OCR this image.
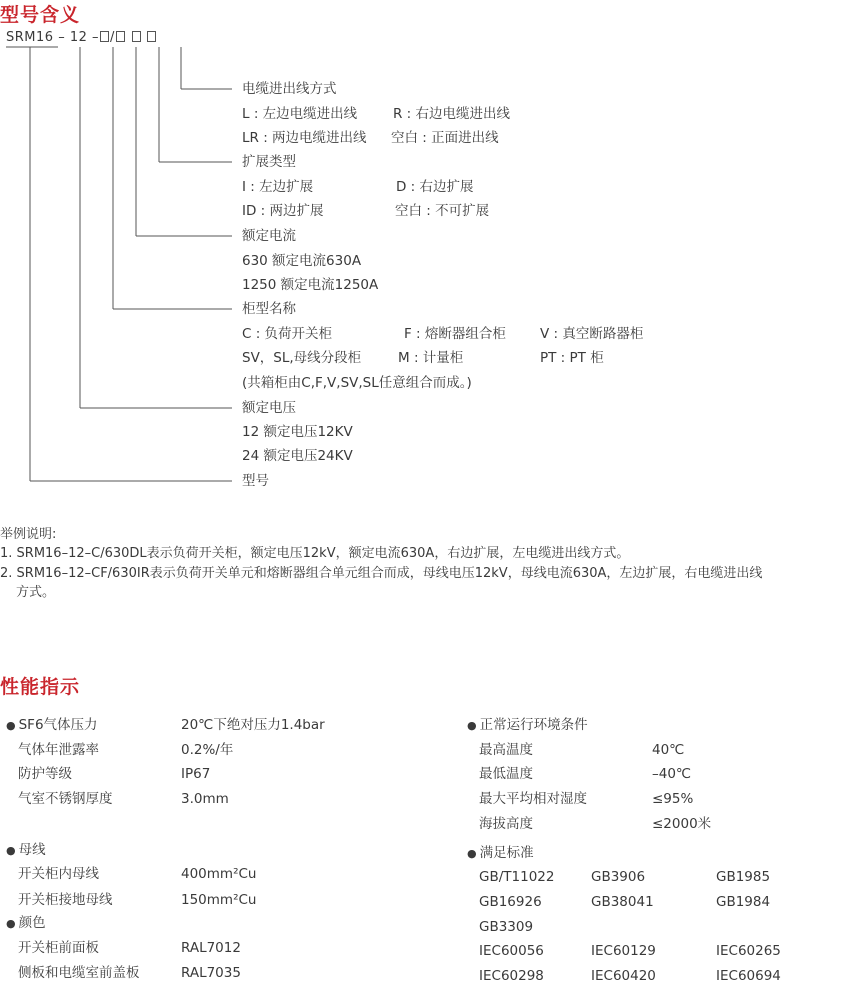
型号含义
SRM16 – 12 – /
电缆进出线方式
L : 左边电缆进出线	R : 右边电缆进出线
LR : 两边电缆进出线 空白 : 正面进出线
扩展类型
I : 左边扩展	D : 右边扩展
ID : 两边扩展	空白 : 不可扩展
额定电流
630 额定电流630A
1250 额定电流1250A
柜型名称
C : 负荷开关柜	F : 熔断器组合柜	V : 真空断路器柜
SV，SL,母线分段柜	M : 计量柜	PT : PT 柜
(共箱柜由C,F,V,SV,SL任意组合而成。)
额定电压
12 额定电压12KV
24 额定电压24KV
型号
举例说明:
1. SRM16–12–C/630DL表示负荷开关柜，额定电压12kV，额定电流630A，右边扩展，左电缆进出线方式。
2. SRM16–12–CF/630IR表示负荷开关单元和熔断器组合单元组合而成，母线电压12kV，母线电流630A，左边扩展，右电缆进出线
方式。
性能指示
● SF6气体压力	20℃下绝对压力1.4bar
气体年泄露率	0.2%/年
防护等级	IP67
气室不锈钢厚度	3.0mm
● 母线
开关柜内母线	400mm²Cu
开关柜接地母线	150mm²Cu
● 颜色
开关柜前面板	RAL7012
侧板和电缆室前盖板	RAL7035
● 正常运行环境条件
最高温度	40℃
最低温度	–40℃
最大平均相对湿度	≤95%
海拔高度	≤2000米
● 满足标准
GB/T11022	GB3906	GB1985
GB16926	GB38041	GB1984
GB3309
IEC60056	IEC60129	IEC60265
IEC60298	IEC60420	IEC60694
